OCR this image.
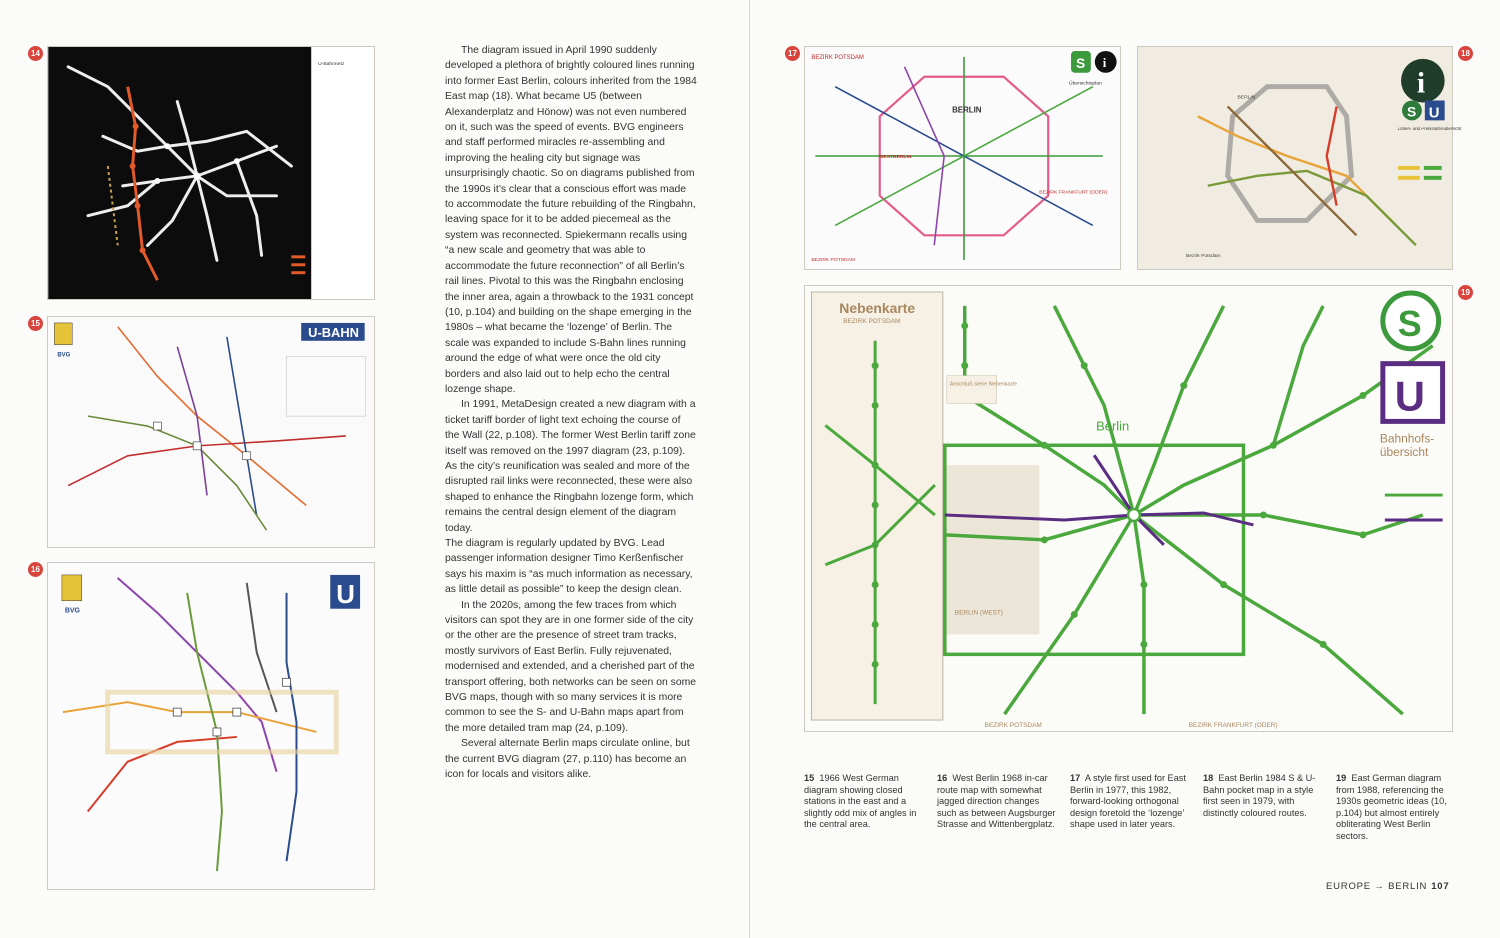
14
U-Bahnnetz
15
BVG
U-BAHN
16
BVG
U

The diagram issued in April 1990 suddenly developed a plethora of brightly coloured lines running into former East Berlin, colours inherited from the 1984 East map (18). What became U5 (between Alexanderplatz and Hönow) was not even numbered on it, such was the speed of events. BVG engineers and staff performed miracles re-assembling and improving the healing city but signage was unsurprisingly chaotic. So on diagrams published from the 1990s it’s clear that a conscious effort was made to accommodate the future rebuilding of the Ringbahn, leaving space for it to be added piecemeal as the system was reconnected. Spiekermann recalls using “a new scale and geometry that was able to accommodate the future reconnection” of all Berlin’s rail lines. Pivotal to this was the Ringbahn enclosing the inner area, again a throwback to the 1931 concept (10, p.104) and building on the shape emerging in the 1980s – what became the ‘lozenge’ of Berlin. The scale was expanded to include S-Bahn lines running around the edge of what were once the old city borders and also laid out to help echo the central lozenge shape.

In 1991, MetaDesign created a new diagram with a ticket tariff border of light text echoing the course of the Wall (22, p.108). The former West Berlin tariff zone itself was removed on the 1997 diagram (23, p.109). As the city’s reunification was sealed and more of the disrupted rail links were reconnected, these were also shaped to enhance the Ringbahn lozenge form, which remains the central design element of the diagram today.

The diagram is regularly updated by BVG. Lead passenger information designer Timo Kerßenfischer says his maxim is “as much information as necessary, as little detail as possible” to keep the design clean.

In the 2020s, among the few traces from which visitors can spot they are in one former side of the city or the other are the presence of street tram tracks, mostly survivors of East Berlin. Fully rejuvenated, modernised and extended, and a cherished part of the transport offering, both networks can be seen on some BVG maps, though with so many services it is more common to see the S- and U-Bahn maps apart from the more detailed tram map (24, p.109).

Several alternate Berlin maps circulate online, but the current BVG diagram (27, p.110) has become an icon for locals and visitors alike.

17	BEZIRK POTSDAM	S i
Übersichtsplan
BERLIN
WESTBERLIN
BEZIRK POTSDAM
BEZIRK FRANKFURT (ODER)
18
i
S U
Linien- und Preisstufenübersicht
BERLIN
Bezirk Potsdam
19
Nebenkarte
BEZIRK POTSDAM
BERLIN (WEST)
Berlin
Anschluß siehe Nebenkarte
S
U
Bahnhofs-
übersicht
BEZIRK POTSDAM	BEZIRK FRANKFURT (ODER)
15 1966 West German diagram showing closed stations in the east and a slightly odd mix of angles in the central area.
16 West Berlin 1968 in-car route map with somewhat jagged direction changes such as between Augsburger Strasse and Wittenbergplatz.
17 A style first used for East Berlin in 1977, this 1982, forward-looking orthogonal design foretold the ‘lozenge’ shape used in later years.
18 East Berlin 1984 S & U-Bahn pocket map in a style first seen in 1979, with distinctly coloured routes.
19 East German diagram from 1988, referencing the 1930s geometric ideas (10, p.104) but almost entirely obliterating West Berlin sectors.
EUROPE → BERLIN 107
